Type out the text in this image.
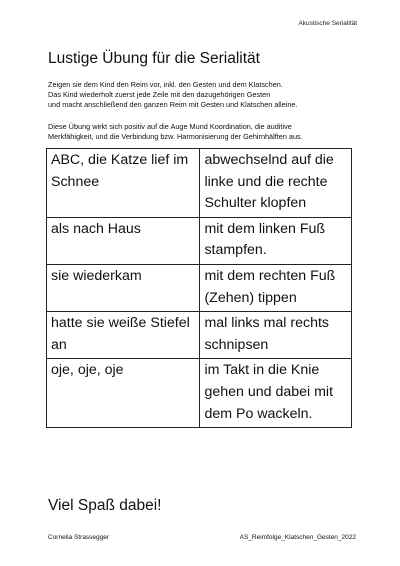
Akustische Serialität
Lustige Übung für die Serialität

Zeigen sie dem Kind den Reim vor, inkl. den Gesten und dem Klatschen.

Das Kind wiederholt zuerst jede Zeile mit den dazugehörigen Gesten

und macht anschließend den ganzen Reim mit Gesten und Klatschen alleine.

Diese Übung wirkt sich positiv auf die Auge Mund Koordination, die auditive

Merkfähigkeit, und die Verbindung bzw. Harmonisierung der Gehirnhälften aus.

ABC, die Katze lief im Schnee	abwechselnd auf die linke und die rechte Schulter klopfen
als nach Haus	mit dem linken Fuß stampfen.
sie wiederkam	mit dem rechten Fuß (Zehen) tippen
hatte sie weiße Stiefel an	mal links mal rechts schnipsen
oje, oje, oje	im Takt in die Knie gehen und dabei mit dem Po wackeln.
Viel Spaß dabei!
Cornelia Strassegger	AS_Reimfolge_Klatschen_Gesten_2022
